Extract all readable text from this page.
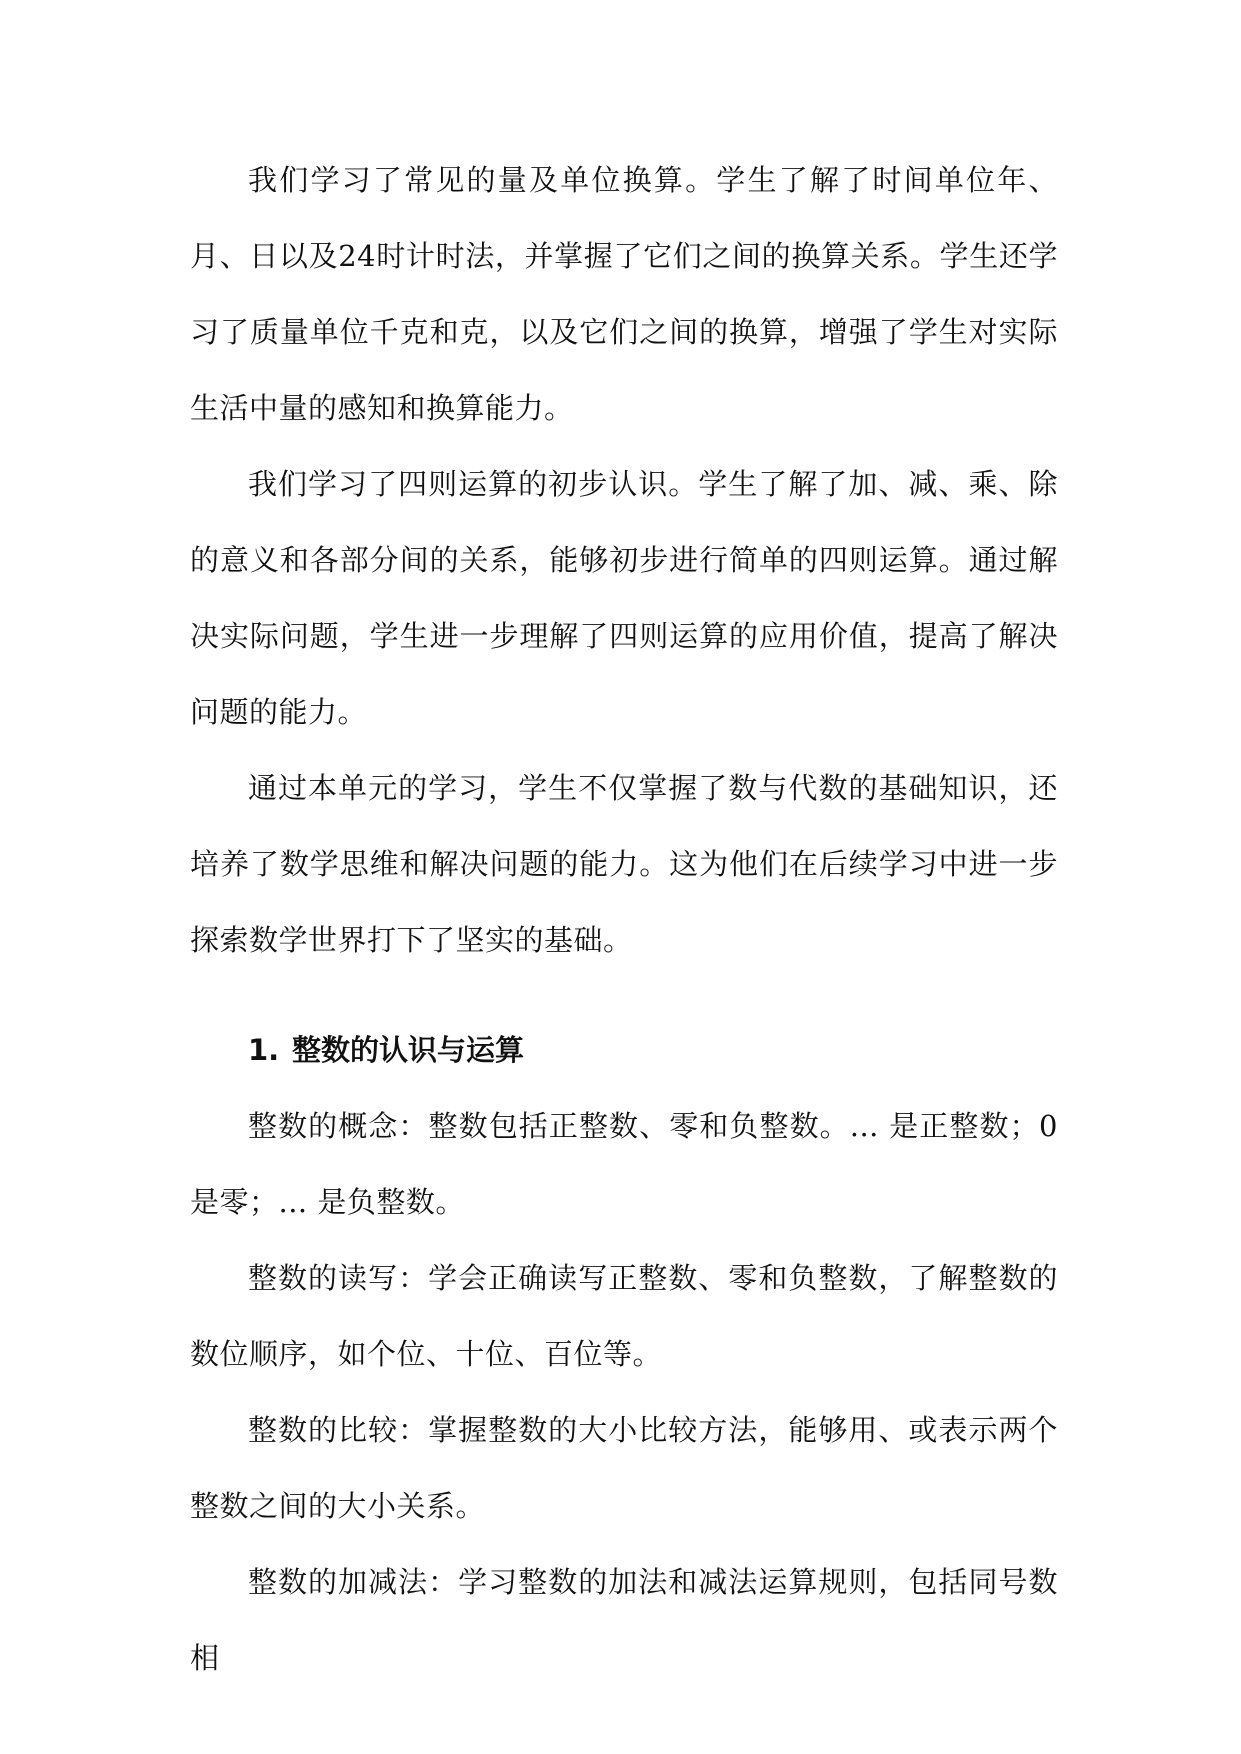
我们学习了常见的量及单位换算。学生了解了时间单位年、月、日以及24时计时法，并掌握了它们之间的换算关系。学生还学习了质量单位千克和克，以及它们之间的换算，增强了学生对实际生活中量的感知和换算能力。

我们学习了四则运算的初步认识。学生了解了加、减、乘、除的意义和各部分间的关系，能够初步进行简单的四则运算。通过解决实际问题，学生进一步理解了四则运算的应用价值，提高了解决问题的能力。

通过本单元的学习，学生不仅掌握了数与代数的基础知识，还培养了数学思维和解决问题的能力。这为他们在后续学习中进一步探索数学世界打下了坚实的基础。

1. 整数的认识与运算

整数的概念：整数包括正整数、零和负整数。... 是正整数；0是零；... 是负整数。

整数的读写：学会正确读写正整数、零和负整数，了解整数的数位顺序，如个位、十位、百位等。

整数的比较：掌握整数的大小比较方法，能够用、或表示两个整数之间的大小关系。

整数的加减法：学习整数的加法和减法运算规则，包括同号数相
